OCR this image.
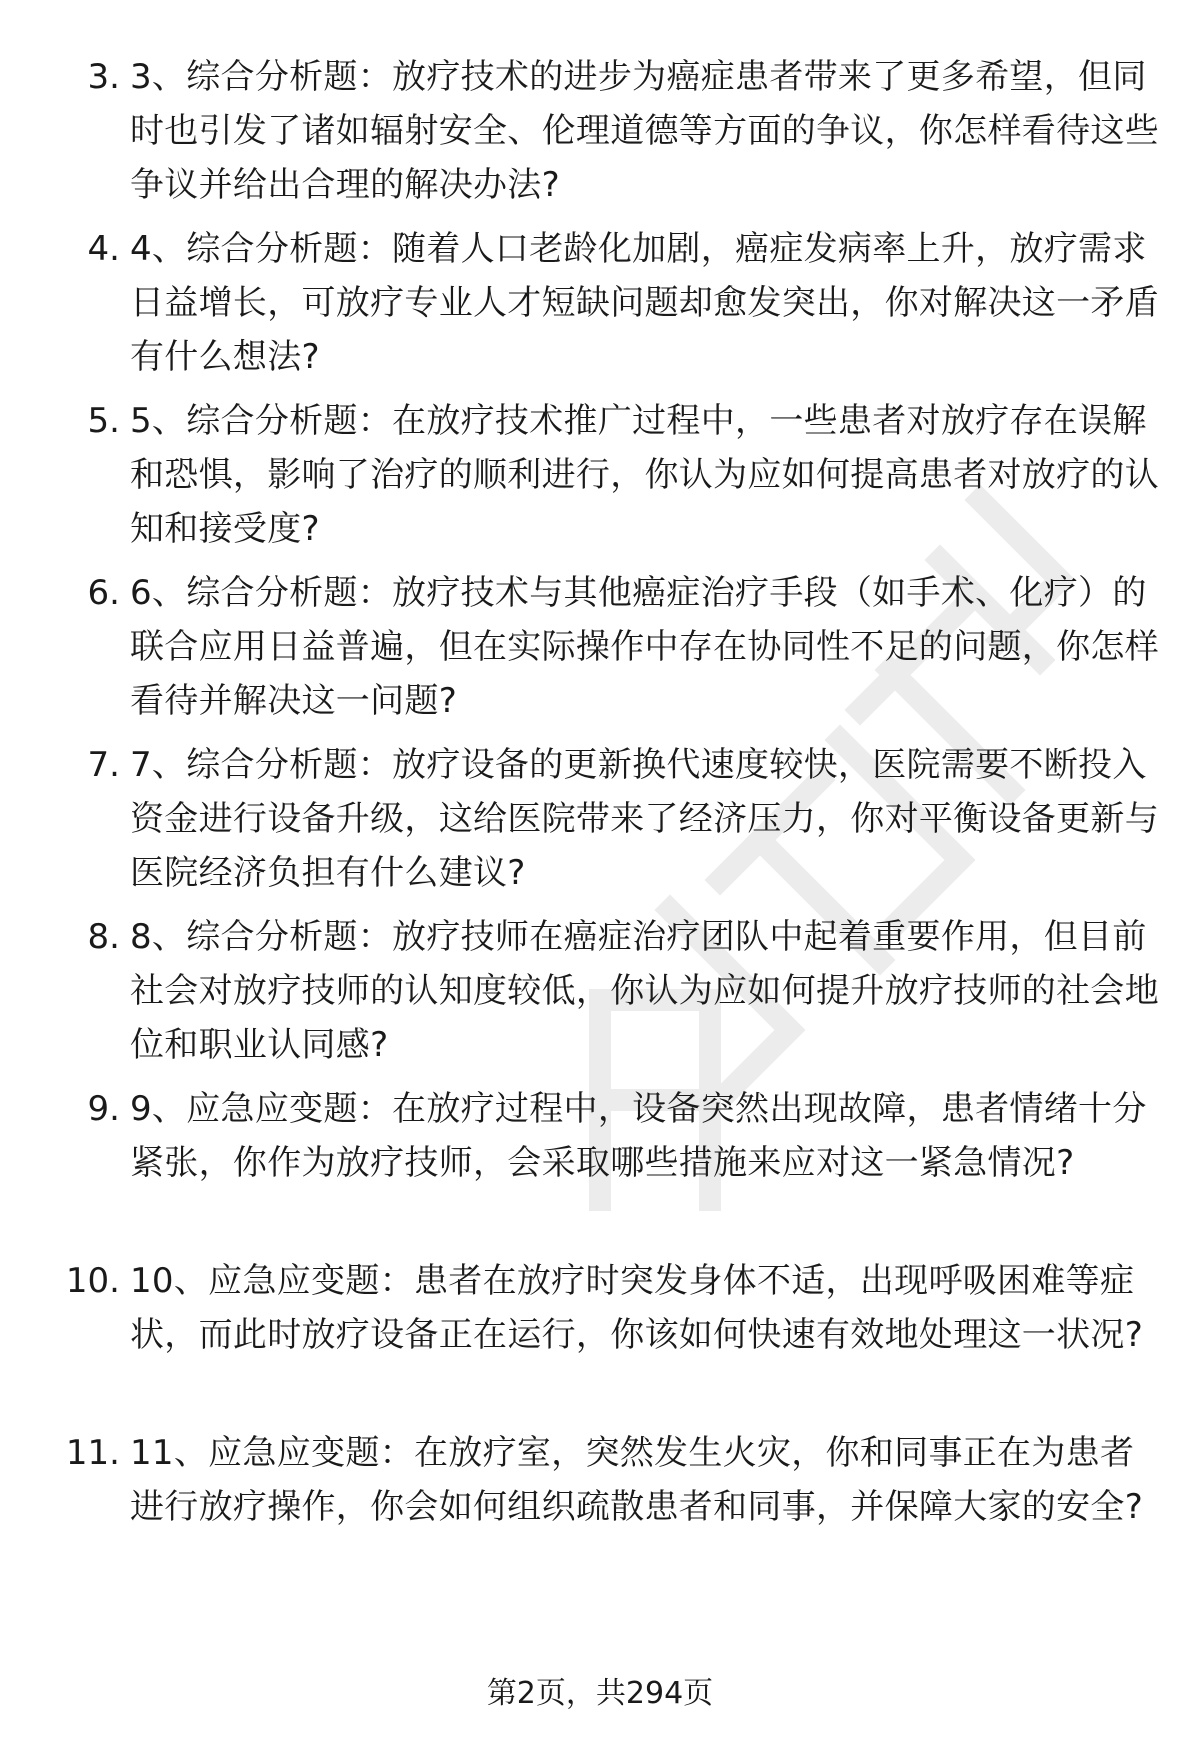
3. 3、综合分析题：放疗技术的进步为癌症患者带来了更多希望，但同时也引发了诸如辐射安全、伦理道德等方面的争议，你怎样看待这些争议并给出合理的解决办法?
4. 4、综合分析题：随着人口老龄化加剧，癌症发病率上升，放疗需求日益增长，可放疗专业人才短缺问题却愈发突出，你对解决这一矛盾有什么想法?
5. 5、综合分析题：在放疗技术推广过程中，一些患者对放疗存在误解和恐惧，影响了治疗的顺利进行，你认为应如何提高患者对放疗的认知和接受度?
6. 6、综合分析题：放疗技术与其他癌症治疗手段（如手术、化疗）的联合应用日益普遍，但在实际操作中存在协同性不足的问题，你怎样看待并解决这一问题?
7. 7、综合分析题：放疗设备的更新换代速度较快，医院需要不断投入资金进行设备升级，这给医院带来了经济压力，你对平衡设备更新与医院经济负担有什么建议?
8. 8、综合分析题：放疗技师在癌症治疗团队中起着重要作用，但目前社会对放疗技师的认知度较低，你认为应如何提升放疗技师的社会地位和职业认同感?
9. 9、应急应变题：在放疗过程中，设备突然出现故障，患者情绪十分紧张，你作为放疗技师，会采取哪些措施来应对这一紧急情况?
10. 10、应急应变题：患者在放疗时突发身体不适，出现呼吸困难等症状，而此时放疗设备正在运行，你该如何快速有效地处理这一状况?
11. 11、应急应变题：在放疗室，突然发生火灾，你和同事正在为患者进行放疗操作，你会如何组织疏散患者和同事，并保障大家的安全?
第2页，共294页
